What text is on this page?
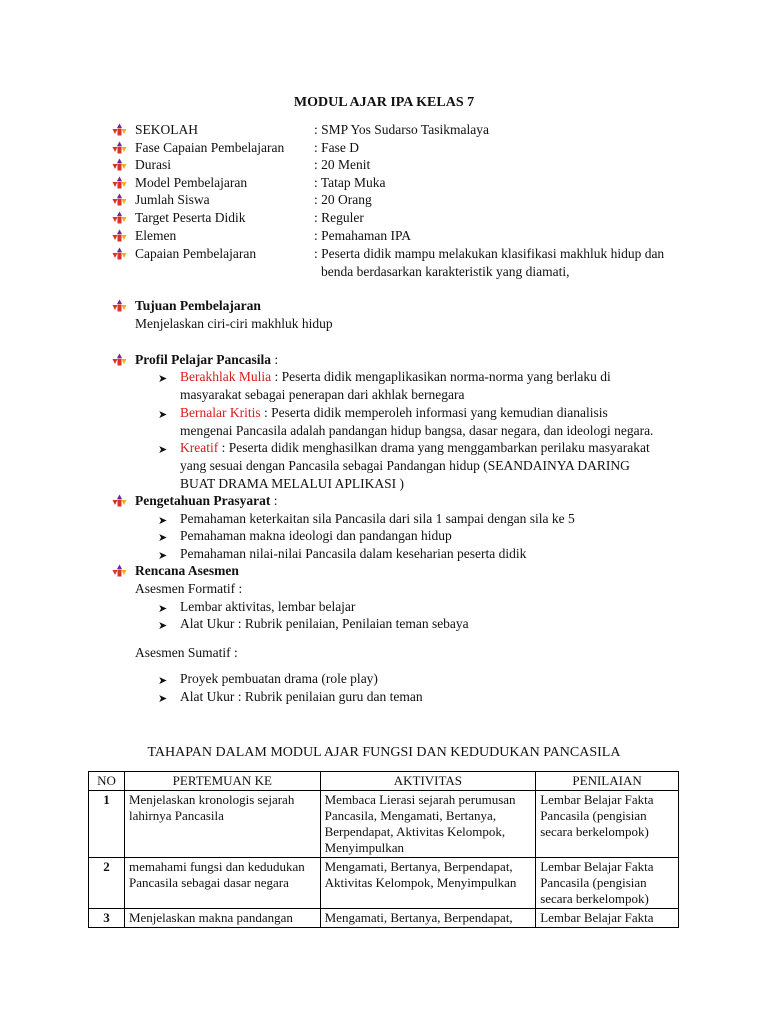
MODUL AJAR IPA KELAS 7
SEKOLAH	: SMP Yos Sudarso Tasikmalaya
Fase Capaian Pembelajaran : Fase D
Durasi	: 20 Menit
Model Pembelajaran	: Tatap Muka
Jumlah Siswa	: 20 Orang
Target Peserta Didik	: Reguler
Elemen	: Pemahaman IPA
Capaian Pembelajaran	: Peserta didik mampu melakukan klasifikasi makhluk hidup dan
benda berdasarkan karakteristik yang diamati,
Tujuan Pembelajaran
Menjelaskan ciri-ciri makhluk hidup
Profil Pelajar Pancasila :
➤ Berakhlak Mulia : Peserta didik mengaplikasikan norma-norma yang berlaku di
masyarakat sebagai penerapan dari akhlak bernegara
➤ Bernalar Kritis : Peserta didik memperoleh informasi yang kemudian dianalisis
mengenai Pancasila adalah pandangan hidup bangsa, dasar negara, dan ideologi negara.
➤ Kreatif : Peserta didik menghasilkan drama yang menggambarkan perilaku masyarakat
yang sesuai dengan Pancasila sebagai Pandangan hidup (SEANDAINYA DARING
BUAT DRAMA MELALUI APLIKASI )
Pengetahuan Prasyarat :
➤ Pemahaman keterkaitan sila Pancasila dari sila 1 sampai dengan sila ke 5
➤ Pemahaman makna ideologi dan pandangan hidup
➤ Pemahaman nilai-nilai Pancasila dalam keseharian peserta didik
Rencana Asesmen
Asesmen Formatif :
➤ Lembar aktivitas, lembar belajar
➤ Alat Ukur : Rubrik penilaian, Penilaian teman sebaya
Asesmen Sumatif :
➤ Proyek pembuatan drama (role play)
➤ Alat Ukur : Rubrik penilaian guru dan teman
TAHAPAN DALAM MODUL AJAR FUNGSI DAN KEDUDUKAN PANCASILA
NO	PERTEMUAN KE	AKTIVITAS	PENILAIAN
1	Menjelaskan kronologis sejarah lahirnya Pancasila	Membaca Lierasi sejarah perumusan Pancasila, Mengamati, Bertanya, Berpendapat, Aktivitas Kelompok, Menyimpulkan	Lembar Belajar Fakta Pancasila (pengisian secara berkelompok)
2	memahami fungsi dan kedudukan Pancasila sebagai dasar negara	Mengamati, Bertanya, Berpendapat, Aktivitas Kelompok, Menyimpulkan	Lembar Belajar Fakta Pancasila (pengisian secara berkelompok)
3	Menjelaskan makna pandangan	Mengamati, Bertanya, Berpendapat,	Lembar Belajar Fakta
